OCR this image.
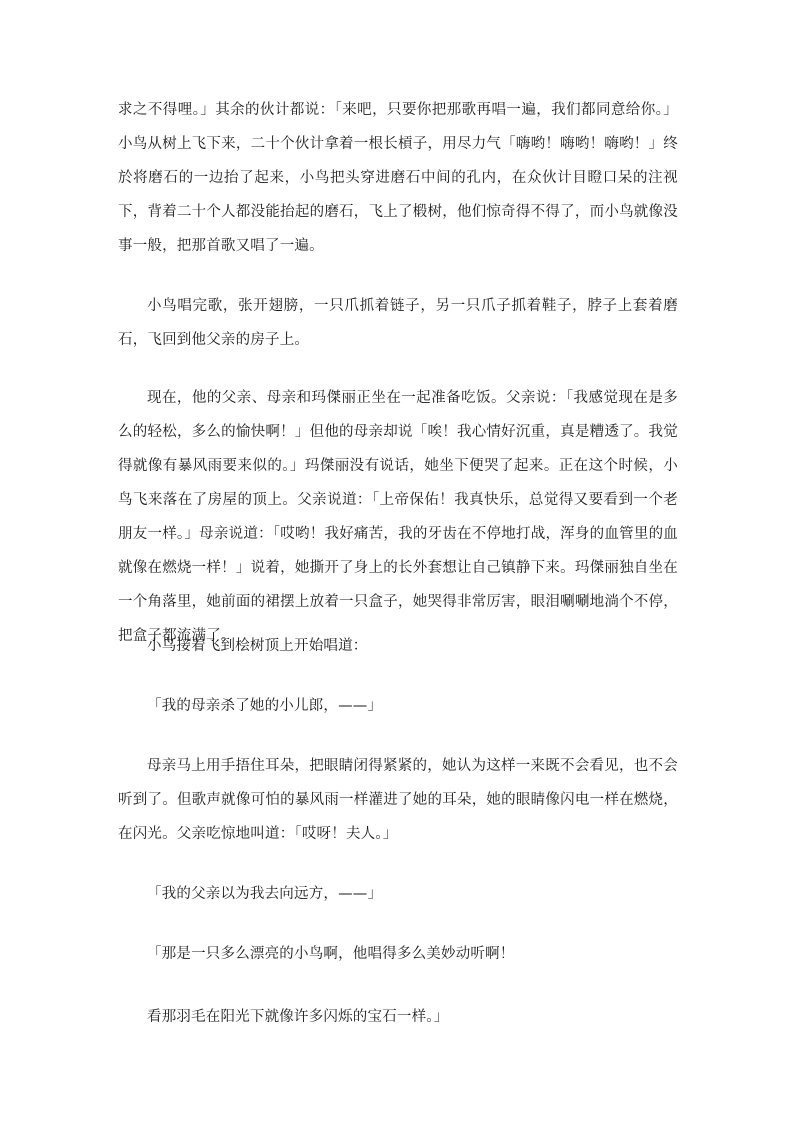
求之不得哩。」其余的伙计都说：「来吧，只要你把那歌再唱一遍，我们都同意给你。」小鸟从树上飞下来，二十个伙计拿着一根长槓子，用尽力气「嗨哟！嗨哟！嗨哟！」终於将磨石的一边抬了起来，小鸟把头穿进磨石中间的孔内，在众伙计目瞪口呆的注视下，背着二十个人都没能抬起的磨石，飞上了椴树，他们惊奇得不得了，而小鸟就像没事一般，把那首歌又唱了一遍。

小鸟唱完歌，张开翅膀，一只爪抓着链子，另一只爪子抓着鞋子，脖子上套着磨石，飞回到他父亲的房子上。

现在，他的父亲、母亲和玛傑丽正坐在一起准备吃饭。父亲说：「我感觉现在是多么的轻松，多么的愉快啊！」但他的母亲却说「唉！我心情好沉重，真是糟透了。我觉得就像有暴风雨要来似的。」玛傑丽没有说话，她坐下便哭了起来。正在这个时候，小鸟飞来落在了房屋的顶上。父亲说道：「上帝保佑！我真快乐，总觉得又要看到一个老朋友一样。」母亲说道：「哎哟！我好痛苦，我的牙齿在不停地打战，浑身的血管里的血就像在燃烧一样！」说着，她撕开了身上的长外套想让自己镇静下来。玛傑丽独自坐在一个角落里，她前面的裙摆上放着一只盒子，她哭得非常厉害，眼泪唰唰地淌个不停，把盒子都流满了。

小鸟接着飞到桧树顶上开始唱道：

「我的母亲杀了她的小儿郎，——」

母亲马上用手捂住耳朵，把眼睛闭得紧紧的，她认为这样一来既不会看见，也不会听到了。但歌声就像可怕的暴风雨一样灌进了她的耳朵，她的眼睛像闪电一样在燃烧，在闪光。父亲吃惊地叫道：「哎呀！夫人。」

「我的父亲以为我去向远方，——」

「那是一只多么漂亮的小鸟啊，他唱得多么美妙动听啊！

看那羽毛在阳光下就像许多闪烁的宝石一样。」
